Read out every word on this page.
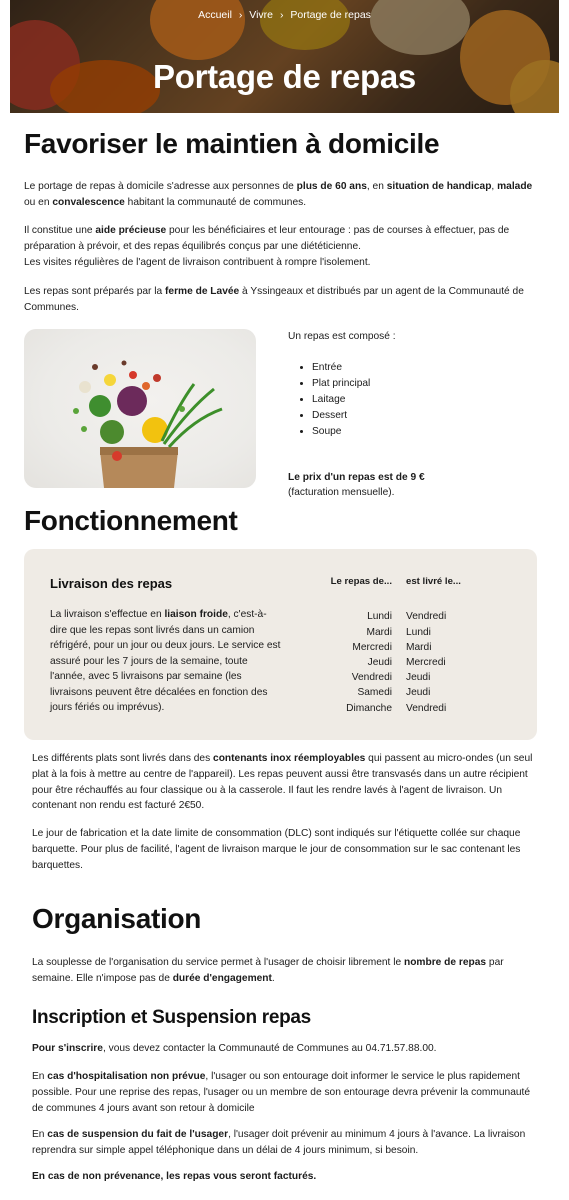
Accueil › Vivre › Portage de repas
Portage de repas
Favoriser le maintien à domicile

Le portage de repas à domicile s'adresse aux personnes de plus de 60 ans, en situation de handicap, malade ou en convalescence habitant la communauté de communes.

Il constitue une aide précieuse pour les bénéficiaires et leur entourage : pas de courses à effectuer, pas de préparation à prévoir, et des repas équilibrés conçus par une diététicienne.
Les visites régulières de l'agent de livraison contribuent à rompre l'isolement.

Les repas sont préparés par la ferme de Lavée à Yssingeaux et distribués par un agent de la Communauté de Communes.

Un repas est composé :
• Entrée
• Plat principal
• Laitage
• Dessert
• Soupe
Le prix d'un repas est de 9 €
(facturation mensuelle).
Fonctionnement
Livraison des repas
La livraison s'effectue en liaison froide, c'est-à-dire que les repas sont livrés dans un camion réfrigéré, pour un jour ou deux jours. Le service est assuré pour les 7 jours de la semaine, toute l'année, avec 5 livraisons par semaine (les livraisons peuvent être décalées en fonction des jours fériés ou imprévus).
Le repas de... est livré le...
Lundi Vendredi
Mardi Lundi
Mercredi Mardi
Jeudi Mercredi
Vendredi Jeudi
Samedi Jeudi
Dimanche Vendredi

Les différents plats sont livrés dans des contenants inox réemployables qui passent au micro-ondes (un seul plat à la fois à mettre au centre de l'appareil). Les repas peuvent aussi être transvasés dans un autre récipient pour être réchauffés au four classique ou à la casserole. Il faut les rendre lavés à l'agent de livraison. Un contenant non rendu est facturé 2€50.

Le jour de fabrication et la date limite de consommation (DLC) sont indiqués sur l'étiquette collée sur chaque barquette. Pour plus de facilité, l'agent de livraison marque le jour de consommation sur le sac contenant les barquettes.

Organisation

La souplesse de l'organisation du service permet à l'usager de choisir librement le nombre de repas par semaine. Elle n'impose pas de durée d'engagement.

Inscription et Suspension repas

Pour s'inscrire, vous devez contacter la Communauté de Communes au 04.71.57.88.00.

En cas d'hospitalisation non prévue, l'usager ou son entourage doit informer le service le plus rapidement possible. Pour une reprise des repas, l'usager ou un membre de son entourage devra prévenir la communauté de communes 4 jours avant son retour à domicile

En cas de suspension du fait de l'usager, l'usager doit prévenir au minimum 4 jours à l'avance. La livraison reprendra sur simple appel téléphonique dans un délai de 4 jours minimum, si besoin.

En cas de non prévenance, les repas vous seront facturés.
